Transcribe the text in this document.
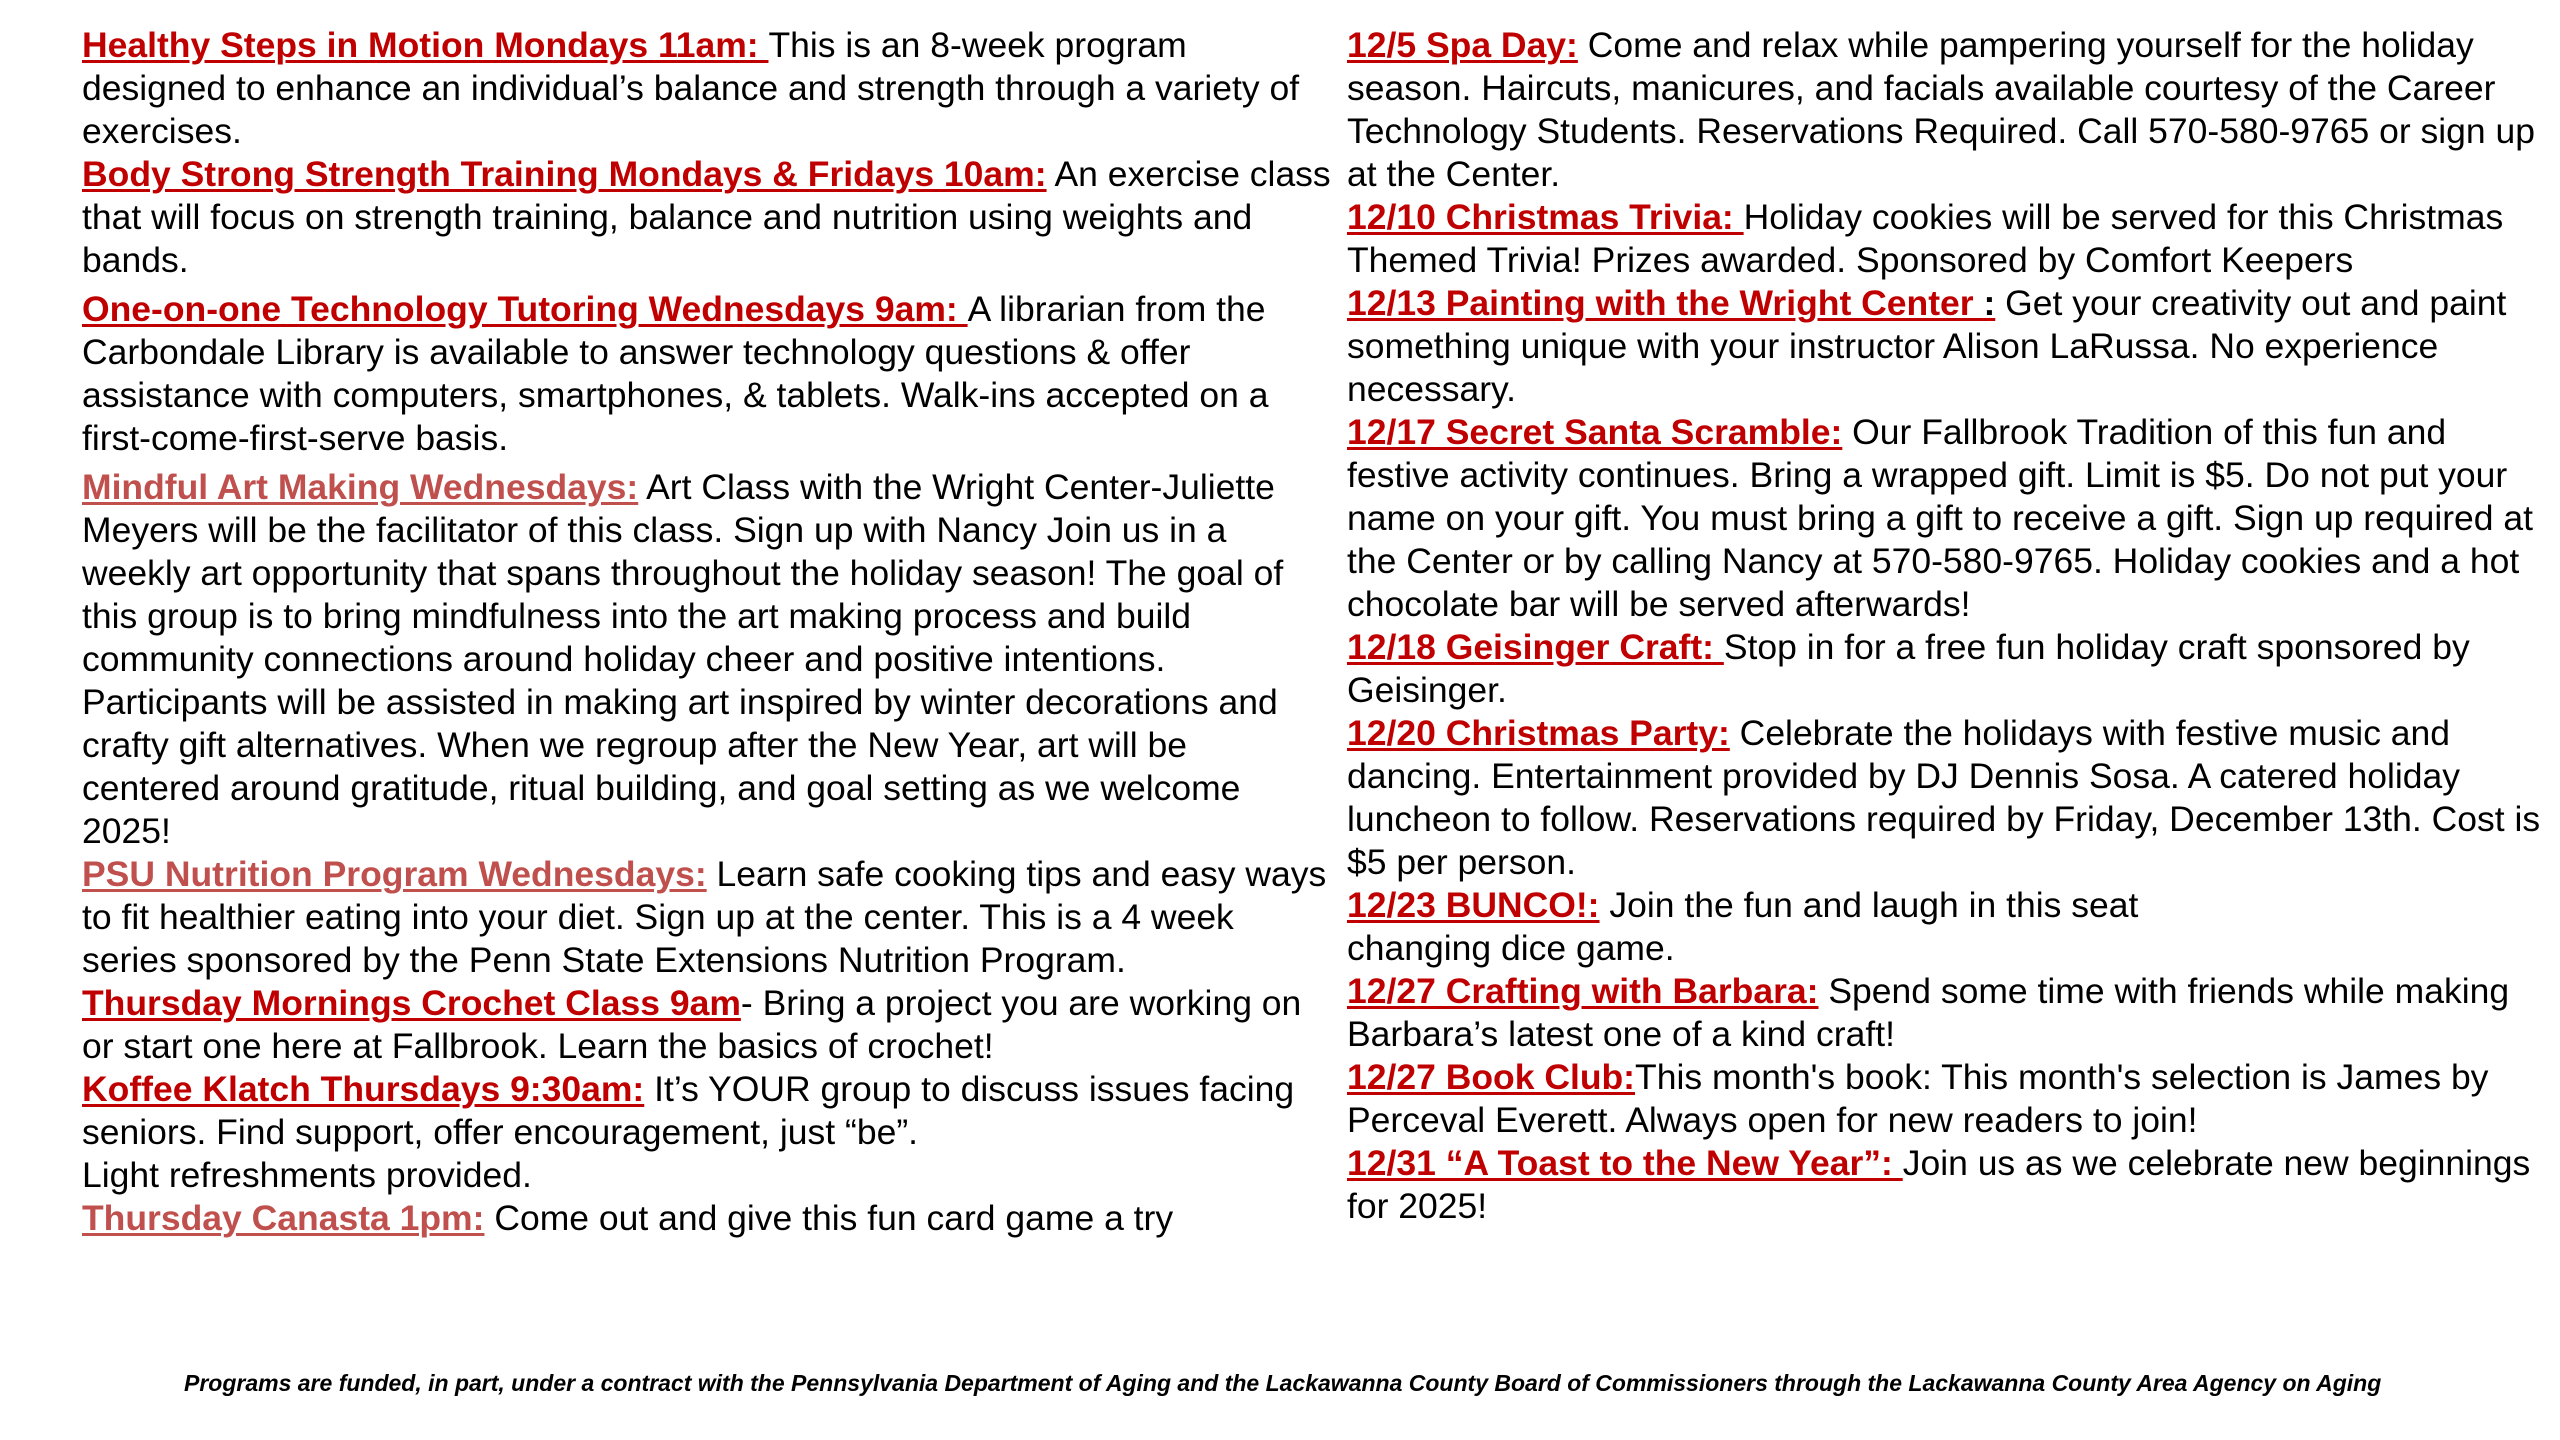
Healthy Steps in Motion Mondays 11am: This is an 8-week program designed to enhance an individual’s balance and strength through a variety of exercises.

Body Strong Strength Training Mondays & Fridays 10am: An exercise class that will focus on strength training, balance and nutrition using weights and bands.

One-on-one Technology Tutoring Wednesdays 9am: A librarian from the Carbondale Library is available to answer technology questions & offer assistance with computers, smartphones, & tablets. Walk-ins accepted on a first-come-first-serve basis.

Mindful Art Making Wednesdays: Art Class with the Wright Center-Juliette Meyers will be the facilitator of this class. Sign up with Nancy Join us in a weekly art opportunity that spans throughout the holiday season! The goal of this group is to bring mindfulness into the art making process and build community connections around holiday cheer and positive intentions. Participants will be assisted in making art inspired by winter decorations and crafty gift alternatives. When we regroup after the New Year, art will be centered around gratitude, ritual building, and goal setting as we welcome 2025!

PSU Nutrition Program Wednesdays: Learn safe cooking tips and easy ways to fit healthier eating into your diet. Sign up at the center. This is a 4 week series sponsored by the Penn State Extensions Nutrition Program.

Thursday Mornings Crochet Class 9am- Bring a project you are working on or start one here at Fallbrook. Learn the basics of crochet!

Koffee Klatch Thursdays 9:30am: It’s YOUR group to discuss issues facing seniors. Find support, offer encouragement, just “be”.
Light refreshments provided.

Thursday Canasta 1pm: Come out and give this fun card game a try

12/5 Spa Day: Come and relax while pampering yourself for the holiday season. Haircuts, manicures, and facials available courtesy of the Career Technology Students. Reservations Required. Call 570-580-9765 or sign up at the Center.

12/10 Christmas Trivia: Holiday cookies will be served for this Christmas Themed Trivia! Prizes awarded. Sponsored by Comfort Keepers

12/13 Painting with the Wright Center : Get your creativity out and paint something unique with your instructor Alison LaRussa. No experience necessary.

12/17 Secret Santa Scramble: Our Fallbrook Tradition of this fun and festive activity continues. Bring a wrapped gift. Limit is $5. Do not put your name on your gift. You must bring a gift to receive a gift. Sign up required at the Center or by calling Nancy at 570-580-9765. Holiday cookies and a hot chocolate bar will be served afterwards!

12/18 Geisinger Craft: Stop in for a free fun holiday craft sponsored by Geisinger.

12/20 Christmas Party: Celebrate the holidays with festive music and dancing. Entertainment provided by DJ Dennis Sosa. A catered holiday luncheon to follow. Reservations required by Friday, December 13th. Cost is $5 per person.

12/23 BUNCO!: Join the fun and laugh in this seat
changing dice game.

12/27 Crafting with Barbara: Spend some time with friends while making Barbara’s latest one of a kind craft!

12/27 Book Club:This month's book: This month's selection is James by Perceval Everett. Always open for new readers to join!

12/31 “A Toast to the New Year”: Join us as we celebrate new beginnings for 2025!

Programs are funded, in part, under a contract with the Pennsylvania Department of Aging and the Lackawanna County Board of Commissioners through the Lackawanna County Area Agency on Aging
